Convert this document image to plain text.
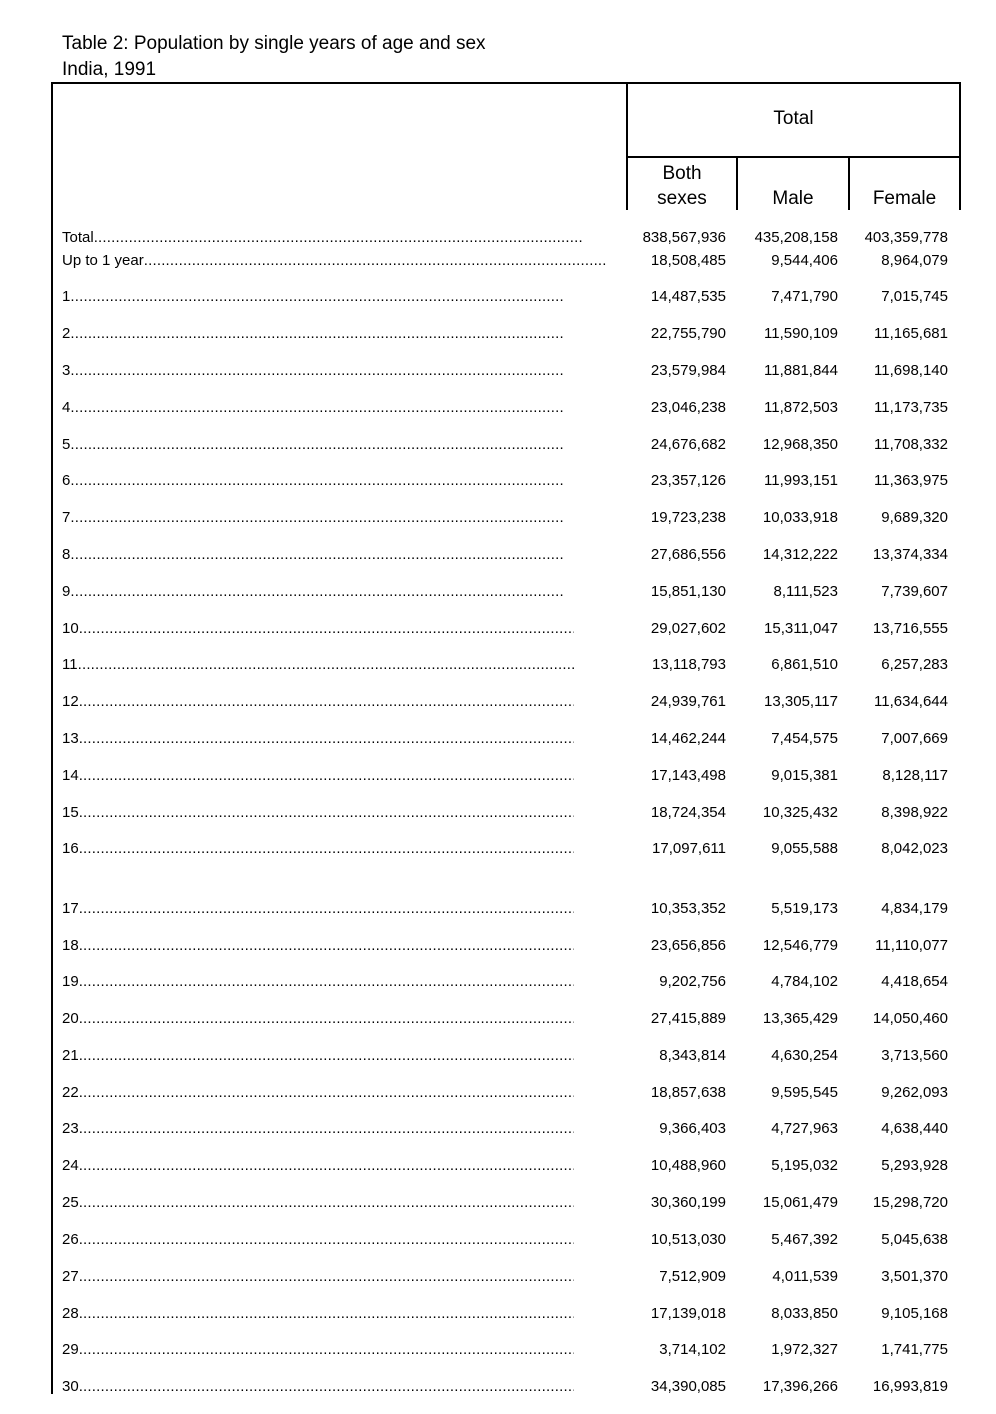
Table 2: Population by single years of age and sex
India, 1991
Total
Both
sexes	Male	Female
Total .....	838,567,936	435,208,158	403,359,778
Up to 1 year .....	18,508,485	9,544,406	8,964,079
1 .....	14,487,535	7,471,790	7,015,745
2 .....	22,755,790	11,590,109	11,165,681
3 .....	23,579,984	11,881,844	11,698,140
4 .....	23,046,238	11,872,503	11,173,735
5 .....	24,676,682	12,968,350	11,708,332
6 .....	23,357,126	11,993,151	11,363,975
7 .....	19,723,238	10,033,918	9,689,320
8 .....	27,686,556	14,312,222	13,374,334
9 .....	15,851,130	8,111,523	7,739,607
10 .....	29,027,602	15,311,047	13,716,555
11 .....	13,118,793	6,861,510	6,257,283
12 .....	24,939,761	13,305,117	11,634,644
13 .....	14,462,244	7,454,575	7,007,669
14 .....	17,143,498	9,015,381	8,128,117
15 .....	18,724,354	10,325,432	8,398,922
16 .....	17,097,611	9,055,588	8,042,023
17 .....	10,353,352	5,519,173	4,834,179
18 .....	23,656,856	12,546,779	11,110,077
19 .....	9,202,756	4,784,102	4,418,654
20 .....	27,415,889	13,365,429	14,050,460
21 .....	8,343,814	4,630,254	3,713,560
22 .....	18,857,638	9,595,545	9,262,093
23 .....	9,366,403	4,727,963	4,638,440
24 .....	10,488,960	5,195,032	5,293,928
25 .....	30,360,199	15,061,479	15,298,720
26 .....	10,513,030	5,467,392	5,045,638
27 .....	7,512,909	4,011,539	3,501,370
28 .....	17,139,018	8,033,850	9,105,168
29 .....	3,714,102	1,972,327	1,741,775
30 .....	34,390,085	17,396,266	16,993,819
